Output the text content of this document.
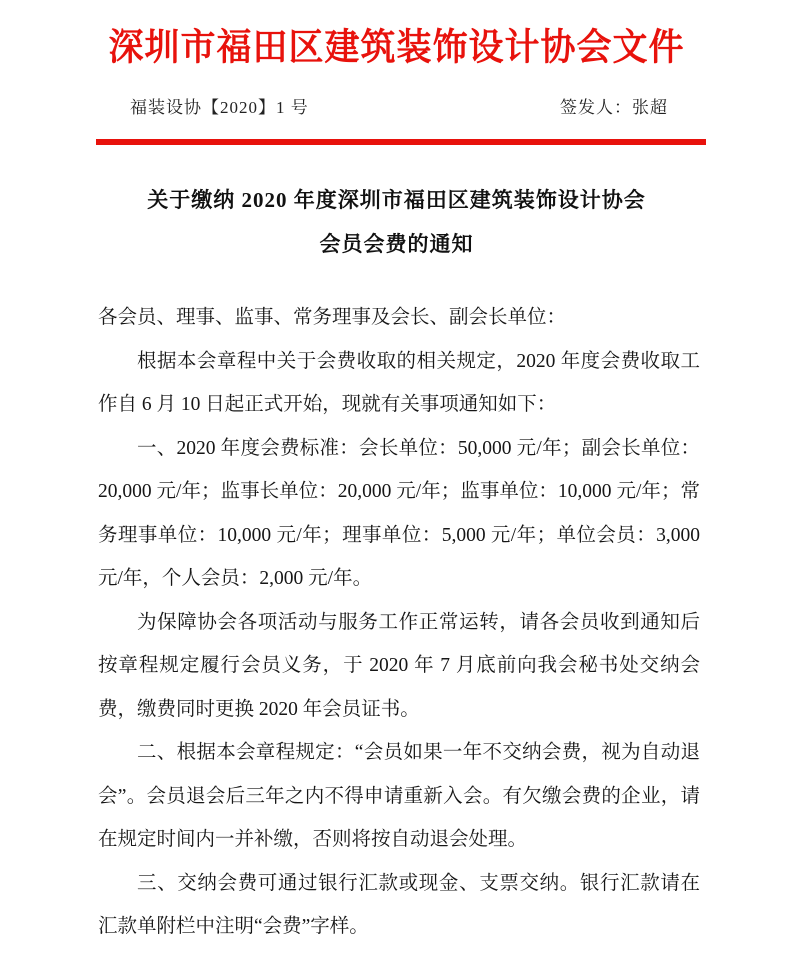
深圳市福田区建筑装饰设计协会文件
福装设协【2020】1 号	签发人：张超
关于缴纳 2020 年度深圳市福田区建筑装饰设计协会
会员会费的通知

各会员、理事、监事、常务理事及会长、副会长单位：

根据本会章程中关于会费收取的相关规定，2020 年度会费收取工作自 6 月 10 日起正式开始，现就有关事项通知如下：

一、2020 年度会费标准：会长单位：50,000 元/年；副会长单位：20,000 元/年；监事长单位：20,000 元/年；监事单位：10,000 元/年；常务理事单位：10,000 元/年；理事单位：5,000 元/年；单位会员：3,000 元/年，个人会员：2,000 元/年。

为保障协会各项活动与服务工作正常运转，请各会员收到通知后按章程规定履行会员义务，于 2020 年 7 月底前向我会秘书处交纳会费，缴费同时更换 2020 年会员证书。

二、根据本会章程规定：“会员如果一年不交纳会费，视为自动退会”。会员退会后三年之内不得申请重新入会。有欠缴会费的企业，请在规定时间内一并补缴，否则将按自动退会处理。

三、交纳会费可通过银行汇款或现金、支票交纳。银行汇款请在汇款单附栏中注明“会费”字样。
